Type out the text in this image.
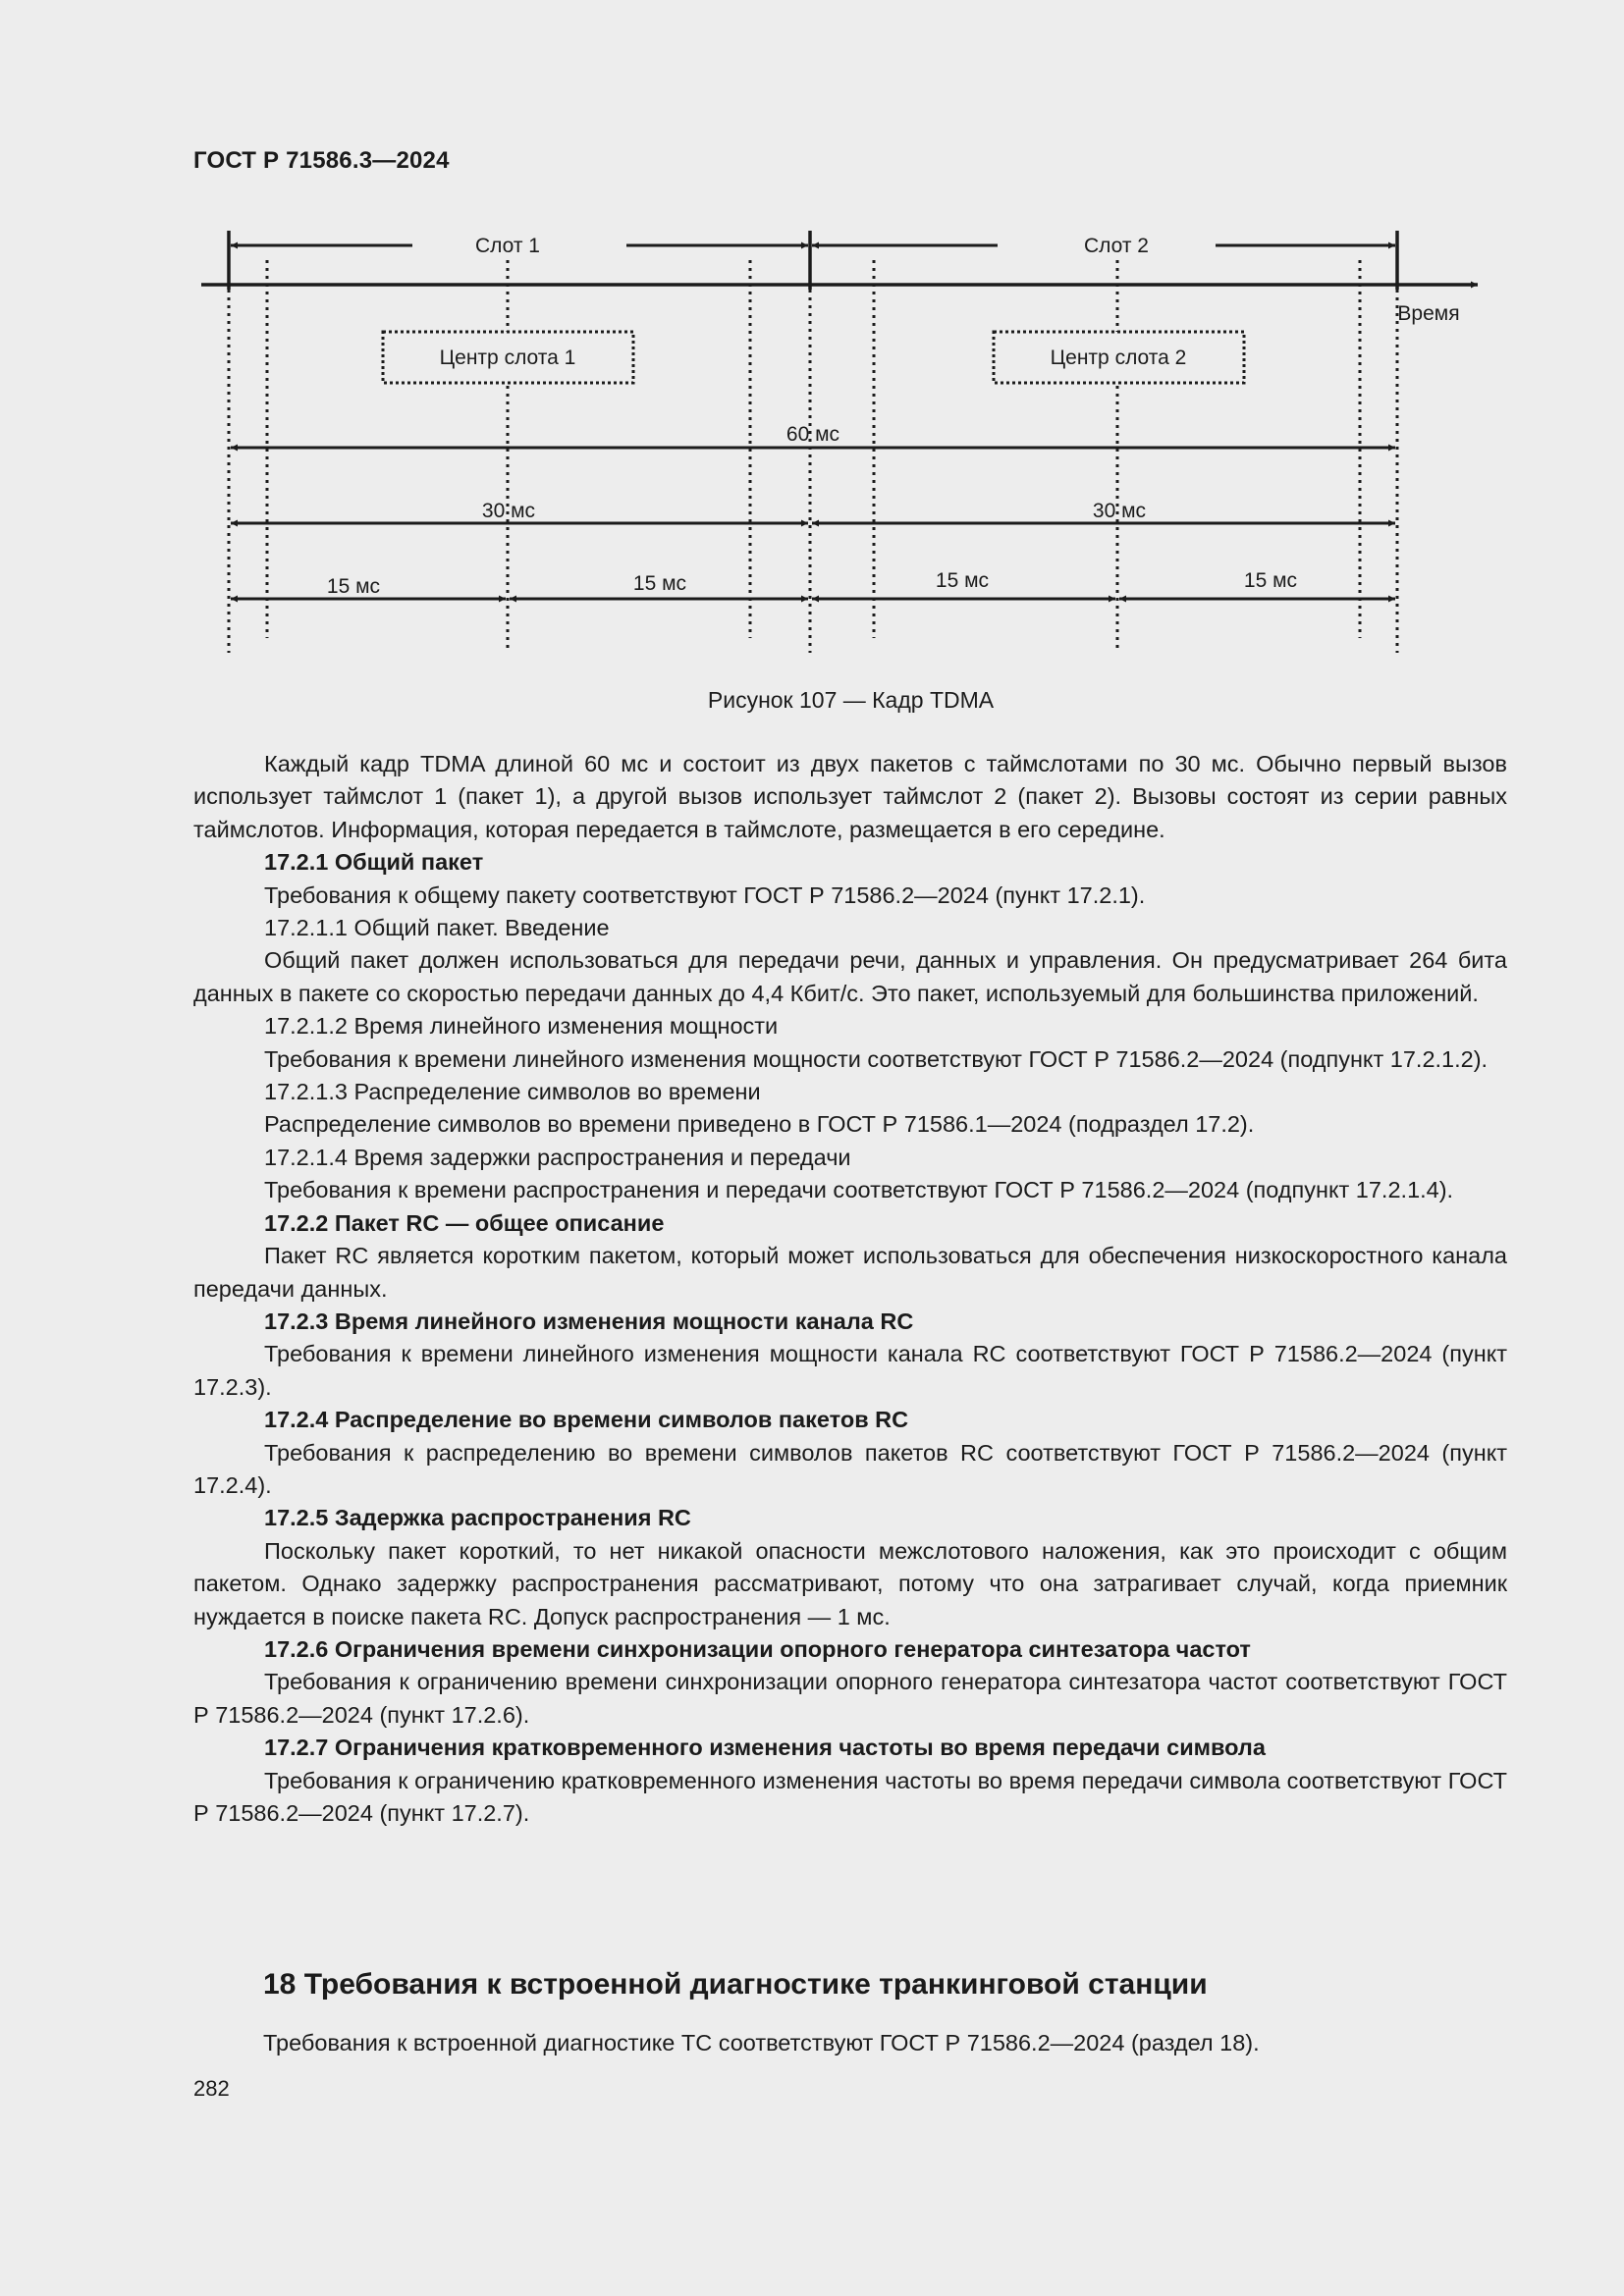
ГОСТ Р 71586.3—2024
Слот 1	Слот 2
Время
Центр слота 1	Центр слота 2
60 мс
30 мс	30 мс
15 мс	15 мс	15 мс	15 мс
Рисунок 107 — Кадр TDMA

Каждый кадр TDMA длиной 60 мс и состоит из двух пакетов с таймслотами по 30 мс. Обычно первый вызов использует таймслот 1 (пакет 1), а другой вызов использует таймслот 2 (пакет 2). Вызовы состоят из серии равных таймслотов. Информация, которая передается в таймслоте, размещается в его середине.

17.2.1 Общий пакет

Требования к общему пакету соответствуют ГОСТ Р 71586.2—2024 (пункт 17.2.1).

17.2.1.1 Общий пакет. Введение

Общий пакет должен использоваться для передачи речи, данных и управления. Он предусматривает 264 бита данных в пакете со скоростью передачи данных до 4,4 Кбит/с. Это пакет, используемый для большинства приложений.

17.2.1.2 Время линейного изменения мощности

Требования к времени линейного изменения мощности соответствуют ГОСТ Р 71586.2—2024 (подпункт 17.2.1.2).

17.2.1.3 Распределение символов во времени

Распределение символов во времени приведено в ГОСТ Р 71586.1—2024 (подраздел 17.2).

17.2.1.4 Время задержки распространения и передачи

Требования к времени распространения и передачи соответствуют ГОСТ Р 71586.2—2024 (подпункт 17.2.1.4).

17.2.2 Пакет RC — общее описание

Пакет RC является коротким пакетом, который может использоваться для обеспечения низкоскоростного канала передачи данных.

17.2.3 Время линейного изменения мощности канала RC

Требования к времени линейного изменения мощности канала RC соответствуют ГОСТ Р 71586.2—2024 (пункт 17.2.3).

17.2.4 Распределение во времени символов пакетов RC

Требования к распределению во времени символов пакетов RC соответствуют ГОСТ Р 71586.2—2024 (пункт 17.2.4).

17.2.5 Задержка распространения RC

Поскольку пакет короткий, то нет никакой опасности межслотового наложения, как это происходит с общим пакетом. Однако задержку распространения рассматривают, потому что она затрагивает случай, когда приемник нуждается в поиске пакета RC. Допуск распространения — 1 мс.

17.2.6 Ограничения времени синхронизации опорного генератора синтезатора частот

Требования к ограничению времени синхронизации опорного генератора синтезатора частот соответствуют ГОСТ Р 71586.2—2024 (пункт 17.2.6).

17.2.7 Ограничения кратковременного изменения частоты во время передачи символа

Требования к ограничению кратковременного изменения частоты во время передачи символа соответствуют ГОСТ Р 71586.2—2024 (пункт 17.2.7).

18 Требования к встроенной диагностике транкинговой станции
Требования к встроенной диагностике ТС соответствуют ГОСТ Р 71586.2—2024 (раздел 18).
282
